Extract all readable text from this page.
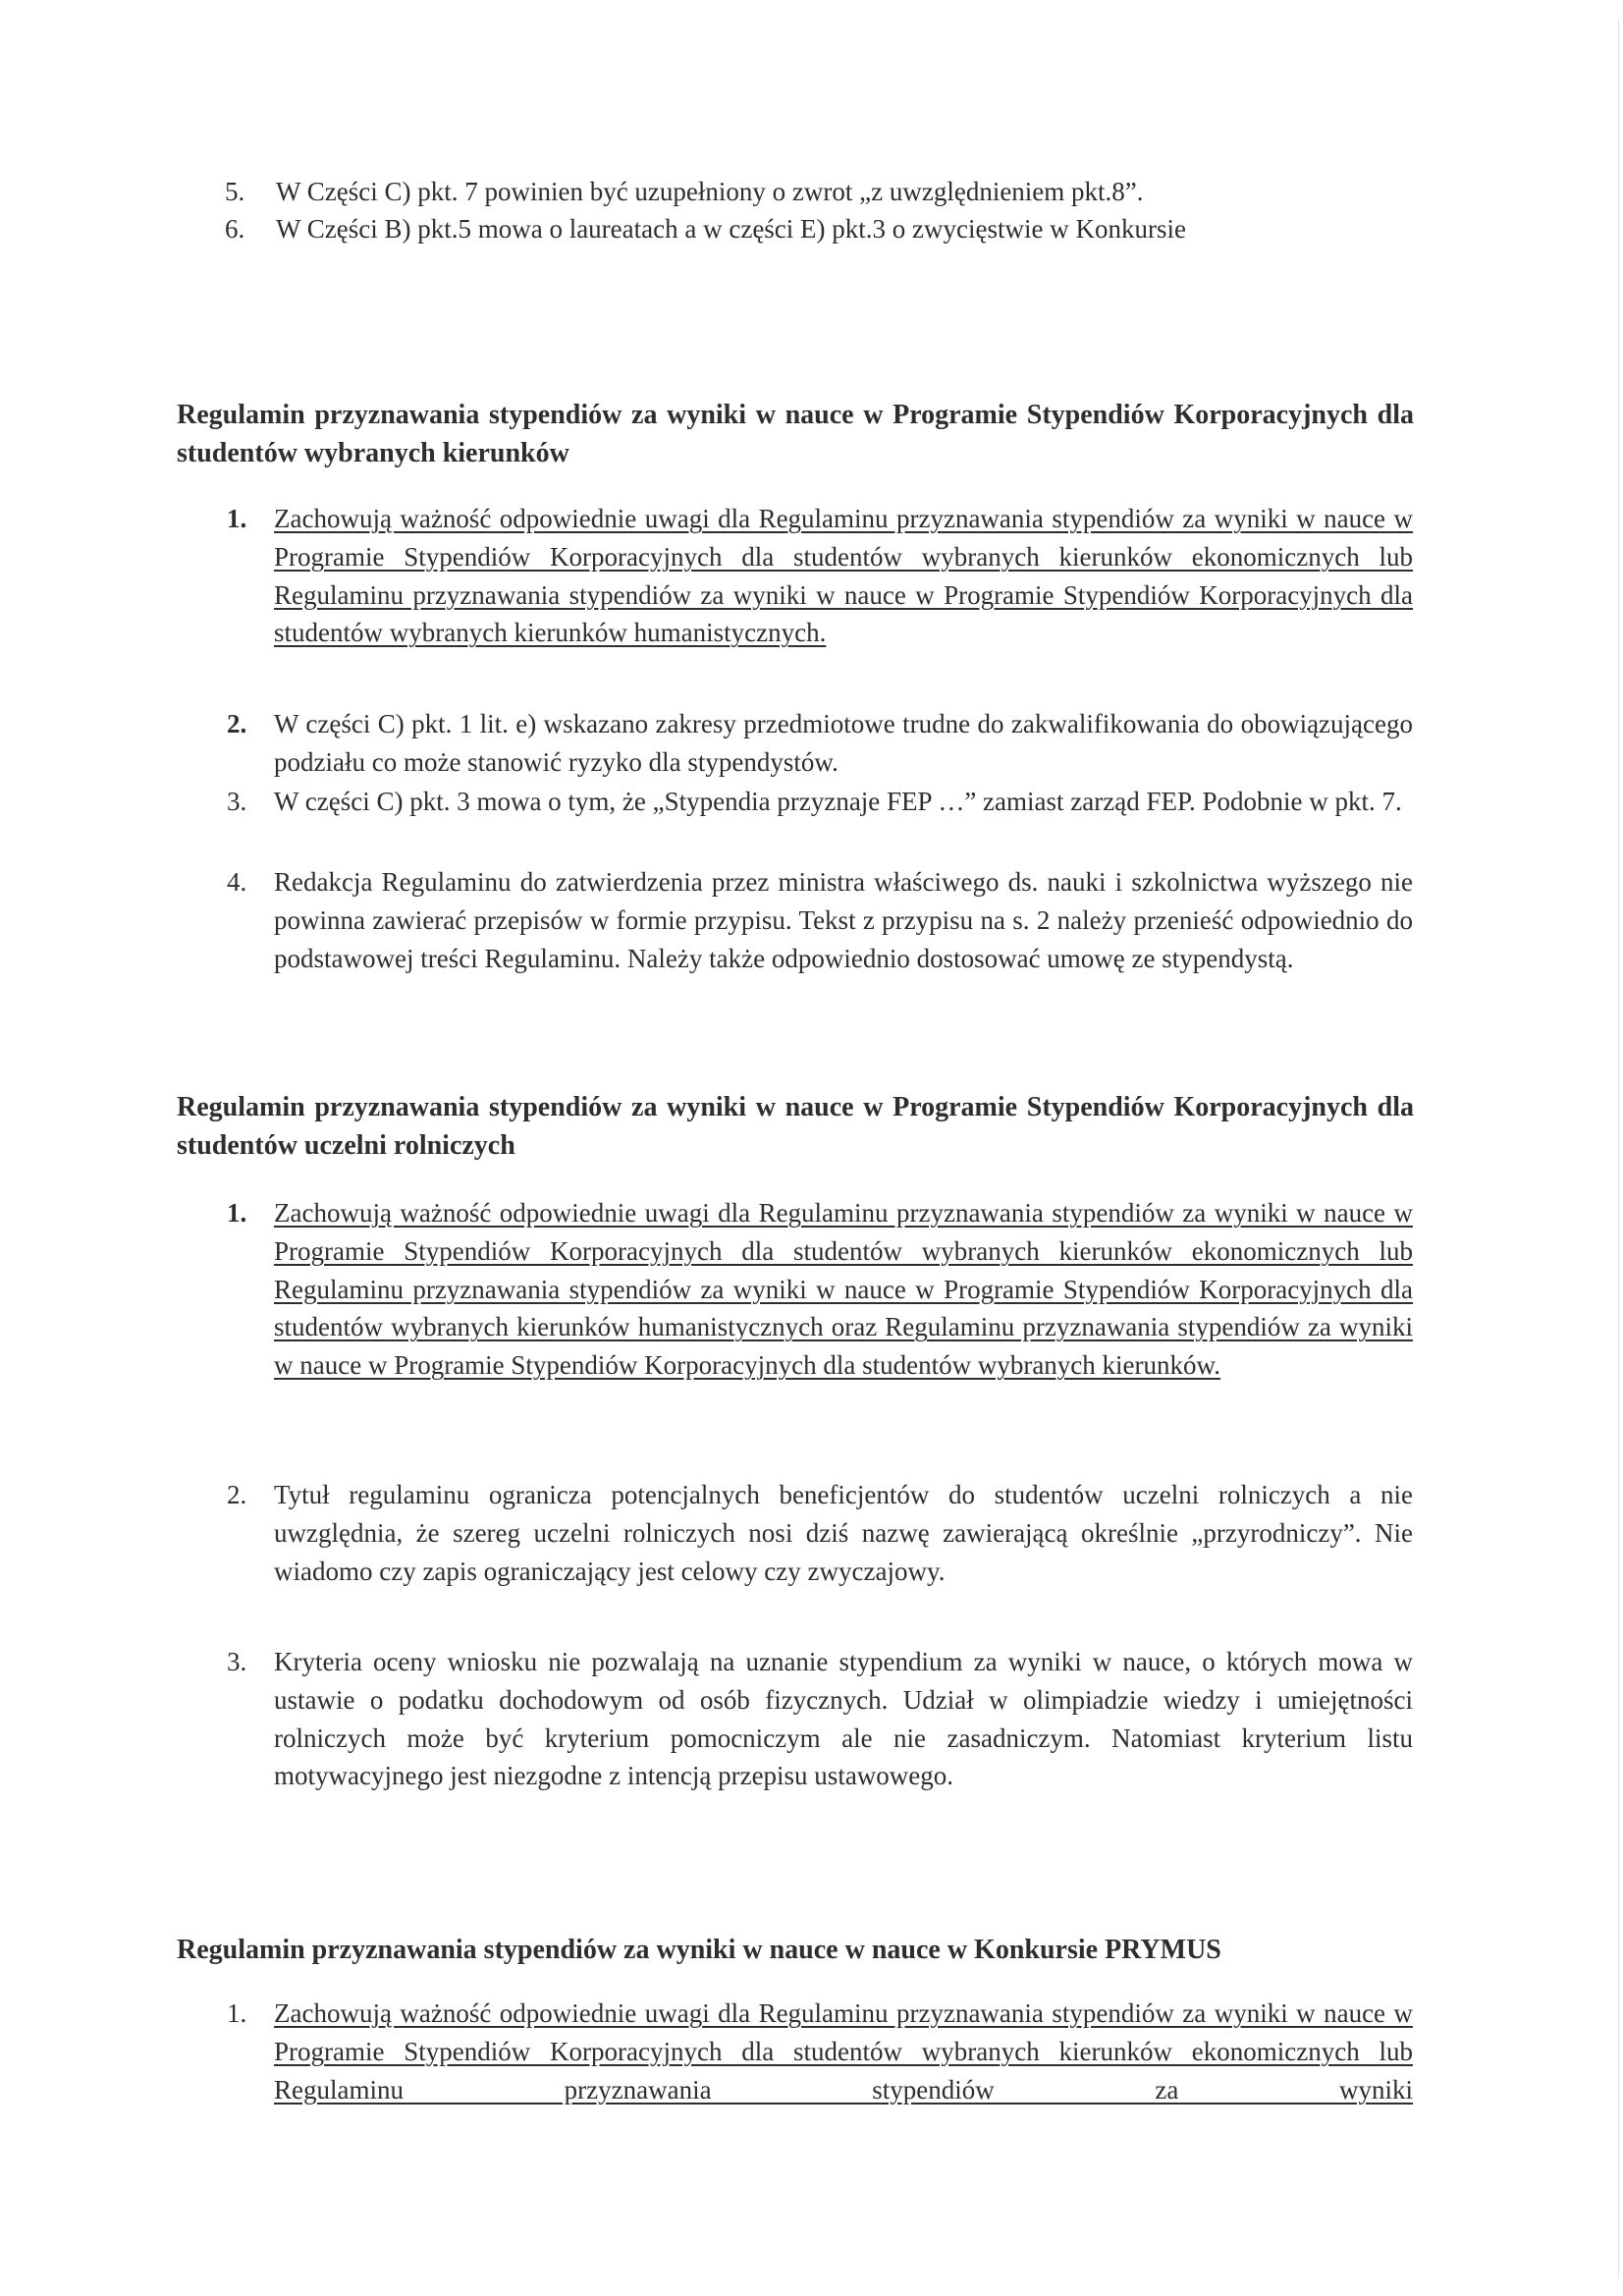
5. W Części C) pkt. 7 powinien być uzupełniony o zwrot „z uwzględnieniem pkt.8”.
6. W Części B) pkt.5 mowa o laureatach a w części E) pkt.3 o zwycięstwie w Konkursie
Regulamin przyznawania stypendiów za wyniki w nauce w Programie Stypendiów Korporacyjnych dla studentów wybranych kierunków
1. Zachowują ważność odpowiednie uwagi dla Regulaminu przyznawania stypendiów za wyniki w nauce w Programie Stypendiów Korporacyjnych dla studentów wybranych kierunków ekonomicznych lub Regulaminu przyznawania stypendiów za wyniki w nauce w Programie Stypendiów Korporacyjnych dla studentów wybranych kierunków humanistycznych.
2. W części C) pkt. 1 lit. e) wskazano zakresy przedmiotowe trudne do zakwalifikowania do obowiązującego podziału co może stanowić ryzyko dla stypendystów.
3. W części C) pkt. 3 mowa o tym, że „Stypendia przyznaje FEP …” zamiast zarząd FEP. Podobnie w pkt. 7.
4. Redakcja Regulaminu do zatwierdzenia przez ministra właściwego ds. nauki i szkolnictwa wyższego nie powinna zawierać przepisów w formie przypisu. Tekst z przypisu na s. 2 należy przenieść odpowiednio do podstawowej treści Regulaminu. Należy także odpowiednio dostosować umowę ze stypendystą.
Regulamin przyznawania stypendiów za wyniki w nauce w Programie Stypendiów Korporacyjnych dla studentów uczelni rolniczych
1. Zachowują ważność odpowiednie uwagi dla Regulaminu przyznawania stypendiów za wyniki w nauce w Programie Stypendiów Korporacyjnych dla studentów wybranych kierunków ekonomicznych lub Regulaminu przyznawania stypendiów za wyniki w nauce w Programie Stypendiów Korporacyjnych dla studentów wybranych kierunków humanistycznych oraz Regulaminu przyznawania stypendiów za wyniki w nauce w Programie Stypendiów Korporacyjnych dla studentów wybranych kierunków.
2. Tytuł regulaminu ogranicza potencjalnych beneficjentów do studentów uczelni rolniczych a nie uwzględnia, że szereg uczelni rolniczych nosi dziś nazwę zawierającą określnie „przyrodniczy”. Nie wiadomo czy zapis ograniczający jest celowy czy zwyczajowy.
3. Kryteria oceny wniosku nie pozwalają na uznanie stypendium za wyniki w nauce, o których mowa w ustawie o podatku dochodowym od osób fizycznych. Udział w olimpiadzie wiedzy i umiejętności rolniczych może być kryterium pomocniczym ale nie zasadniczym. Natomiast kryterium listu motywacyjnego jest niezgodne z intencją przepisu ustawowego.
Regulamin przyznawania stypendiów za wyniki w nauce w nauce w Konkursie PRYMUS
1. Zachowują ważność odpowiednie uwagi dla Regulaminu przyznawania stypendiów za wyniki w nauce w Programie Stypendiów Korporacyjnych dla studentów wybranych kierunków ekonomicznych lub Regulaminu przyznawania stypendiów za wyniki
